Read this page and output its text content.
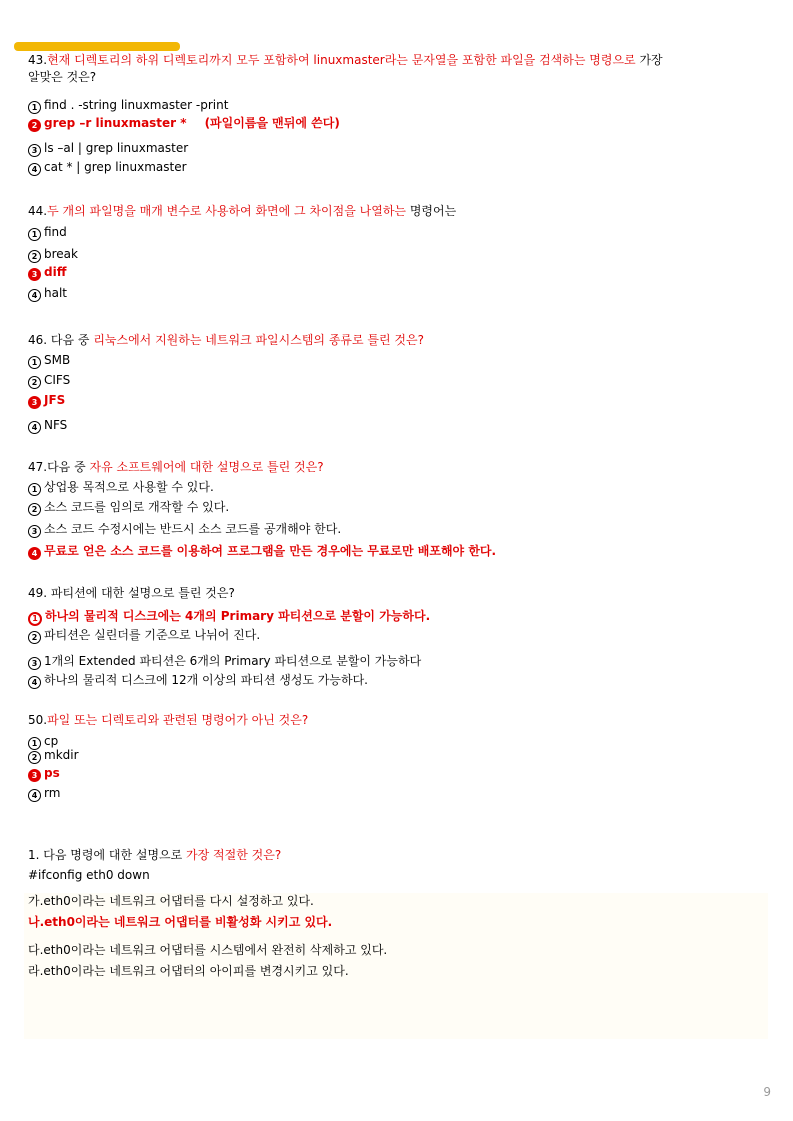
43.현재 디렉토리의 하위 디렉토리까지 모두 포함하여 linuxmaster라는 문자열을 포함한 파일을 검색하는 명령으로 가장
알맞은 것은?
1 find . -string linuxmaster -print
2 grep –r linuxmaster * (파일이름을 맨뒤에 쓴다)
3 ls –al | grep linuxmaster
4 cat * | grep linuxmaster
44.두 개의 파일명을 매개 변수로 사용하여 화면에 그 차이점을 나열하는 명령어는
1 find
2 break
3 diff
4 halt
46. 다음 중 리눅스에서 지원하는 네트워크 파일시스템의 종류로 틀린 것은?
1 SMB
2 CIFS
3 JFS
4 NFS
47.다음 중 자유 소프트웨어에 대한 설명으로 틀린 것은?
1 상업용 목적으로 사용할 수 있다.
2 소스 코드를 임의로 개작할 수 있다.
3 소스 코드 수정시에는 반드시 소스 코드를 공개해야 한다.
4 무료로 얻은 소스 코드를 이용하여 프로그램을 만든 경우에는 무료로만 배포해야 한다.
49. 파티션에 대한 설명으로 틀린 것은?
1 하나의 물리적 디스크에는 4개의 Primary 파티션으로 분할이 가능하다.
2 파티션은 실린더를 기준으로 나뉘어 진다.
3 1개의 Extended 파티션은 6개의 Primary 파티션으로 분할이 가능하다
4 하나의 물리적 디스크에 12개 이상의 파티션 생성도 가능하다.
50.파일 또는 디렉토리와 관련된 명령어가 아닌 것은?
1 cp
2 mkdir
3 ps
4 rm
1. 다음 명령에 대한 설명으로 가장 적절한 것은?
#ifconfig eth0 down
가.eth0이라는 네트워크 어댑터를 다시 설정하고 있다.
나.eth0이라는 네트워크 어댑터를 비활성화 시키고 있다.
다.eth0이라는 네트워크 어댑터를 시스템에서 완전히 삭제하고 있다.
라.eth0이라는 네트워크 어댑터의 아이피를 변경시키고 있다.
9
